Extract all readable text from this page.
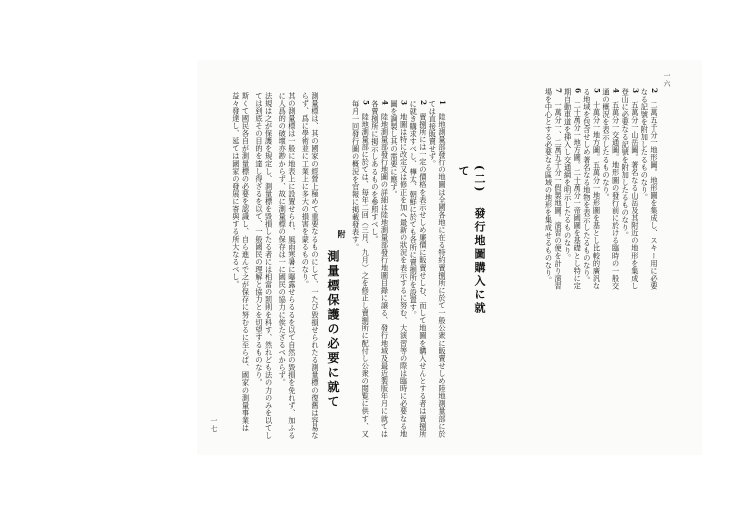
一六
2　二萬五千分一地形圖。地形圖を集成し、スキー用に必要なる記號を附加したるものなり。
3　五萬分一山岳圖。著名なる山岳及其附近の地形を集成し登山に必要なる記號を附加したるものなり。
4　五萬分一交通圖。地形圖の發行前に於ける臨時の一般交通の概況を表示したるものなり。
5　十萬分一地方圖。五萬分一地形圖を基とし比較的廣汎なる地域を包含せしめ著名なる地物を表示したるものなり。
6　二十萬分一地方圖。二十萬分一帝國圖を基礎とし特に定期自動車道を挿入し交通網を明示したるものなり。
7　一萬分一、二萬五千分一假製地圖。演習の便を計り演習場を中心とする必要なる區域の地形を集成せるものなり。
(二)　發行地圖購入に就て
1　陸地測量部發行の地圖は全國各地に在る特約賣捌所に於て一般公衆に販賣せしめ陸地測量部に於ては直接販賣せず。
2　賣捌所には一定の價格を表示せしめ廉價に販賣せしむ、而して地圖を購入せんとする者は賣捌所に就き購求すべし、樺太、朝鮮に於ても各所に賣捌所を設置す。
3　地圖は特に改定又は修正を加へ最新の狀況を表示するに努む、大演習等の際は臨時に必要なる地圖を調製し其の需要に應ず。
4　陸地測量部發行地圖の詳細は陸地測量部發行地圖目錄に譲る、發行地域及最近製版年月に就ては各賣捌所に掲示しあるものを參照すべし。
5　陸地測量部に於ては、毎年二回（三月、九月）之を修正し賣捌所に配付し公衆の閲覧に供す、又毎月一回發行圖の概況を官報に掲載發表す。
附
測量標保護の必要に就て

測量標は、其の國家の經營上極めて重要なるものにして、一たび毀損せられたる測量標の復舊は容易ならず、爲に學術並に工業上に多大の損害を蒙るものなり。

其の測量標は一般に地表上に設置せられ、風雨寒暑に曝露せらるるを以て自然の毀損を免れず、加ふるに人爲的の破壞亦尠からず、故に測量標の保存は一に國民の協力に俟たざるべからず。

法規は之が保護を規定し、測量標を毀損したる者には相當の罰則を科す、然れども法の力のみを以てしては到底その目的を達し得ざるを以て、一般國民の理解と協力とを切望するものなり。

斯くて國民各自が測量標の必要を認識し、自ら進んで之が保存に努むるに至らば、國家の測量事業は益々發達し、延ては國家の發展に寄與する所大なるべし。

一七
